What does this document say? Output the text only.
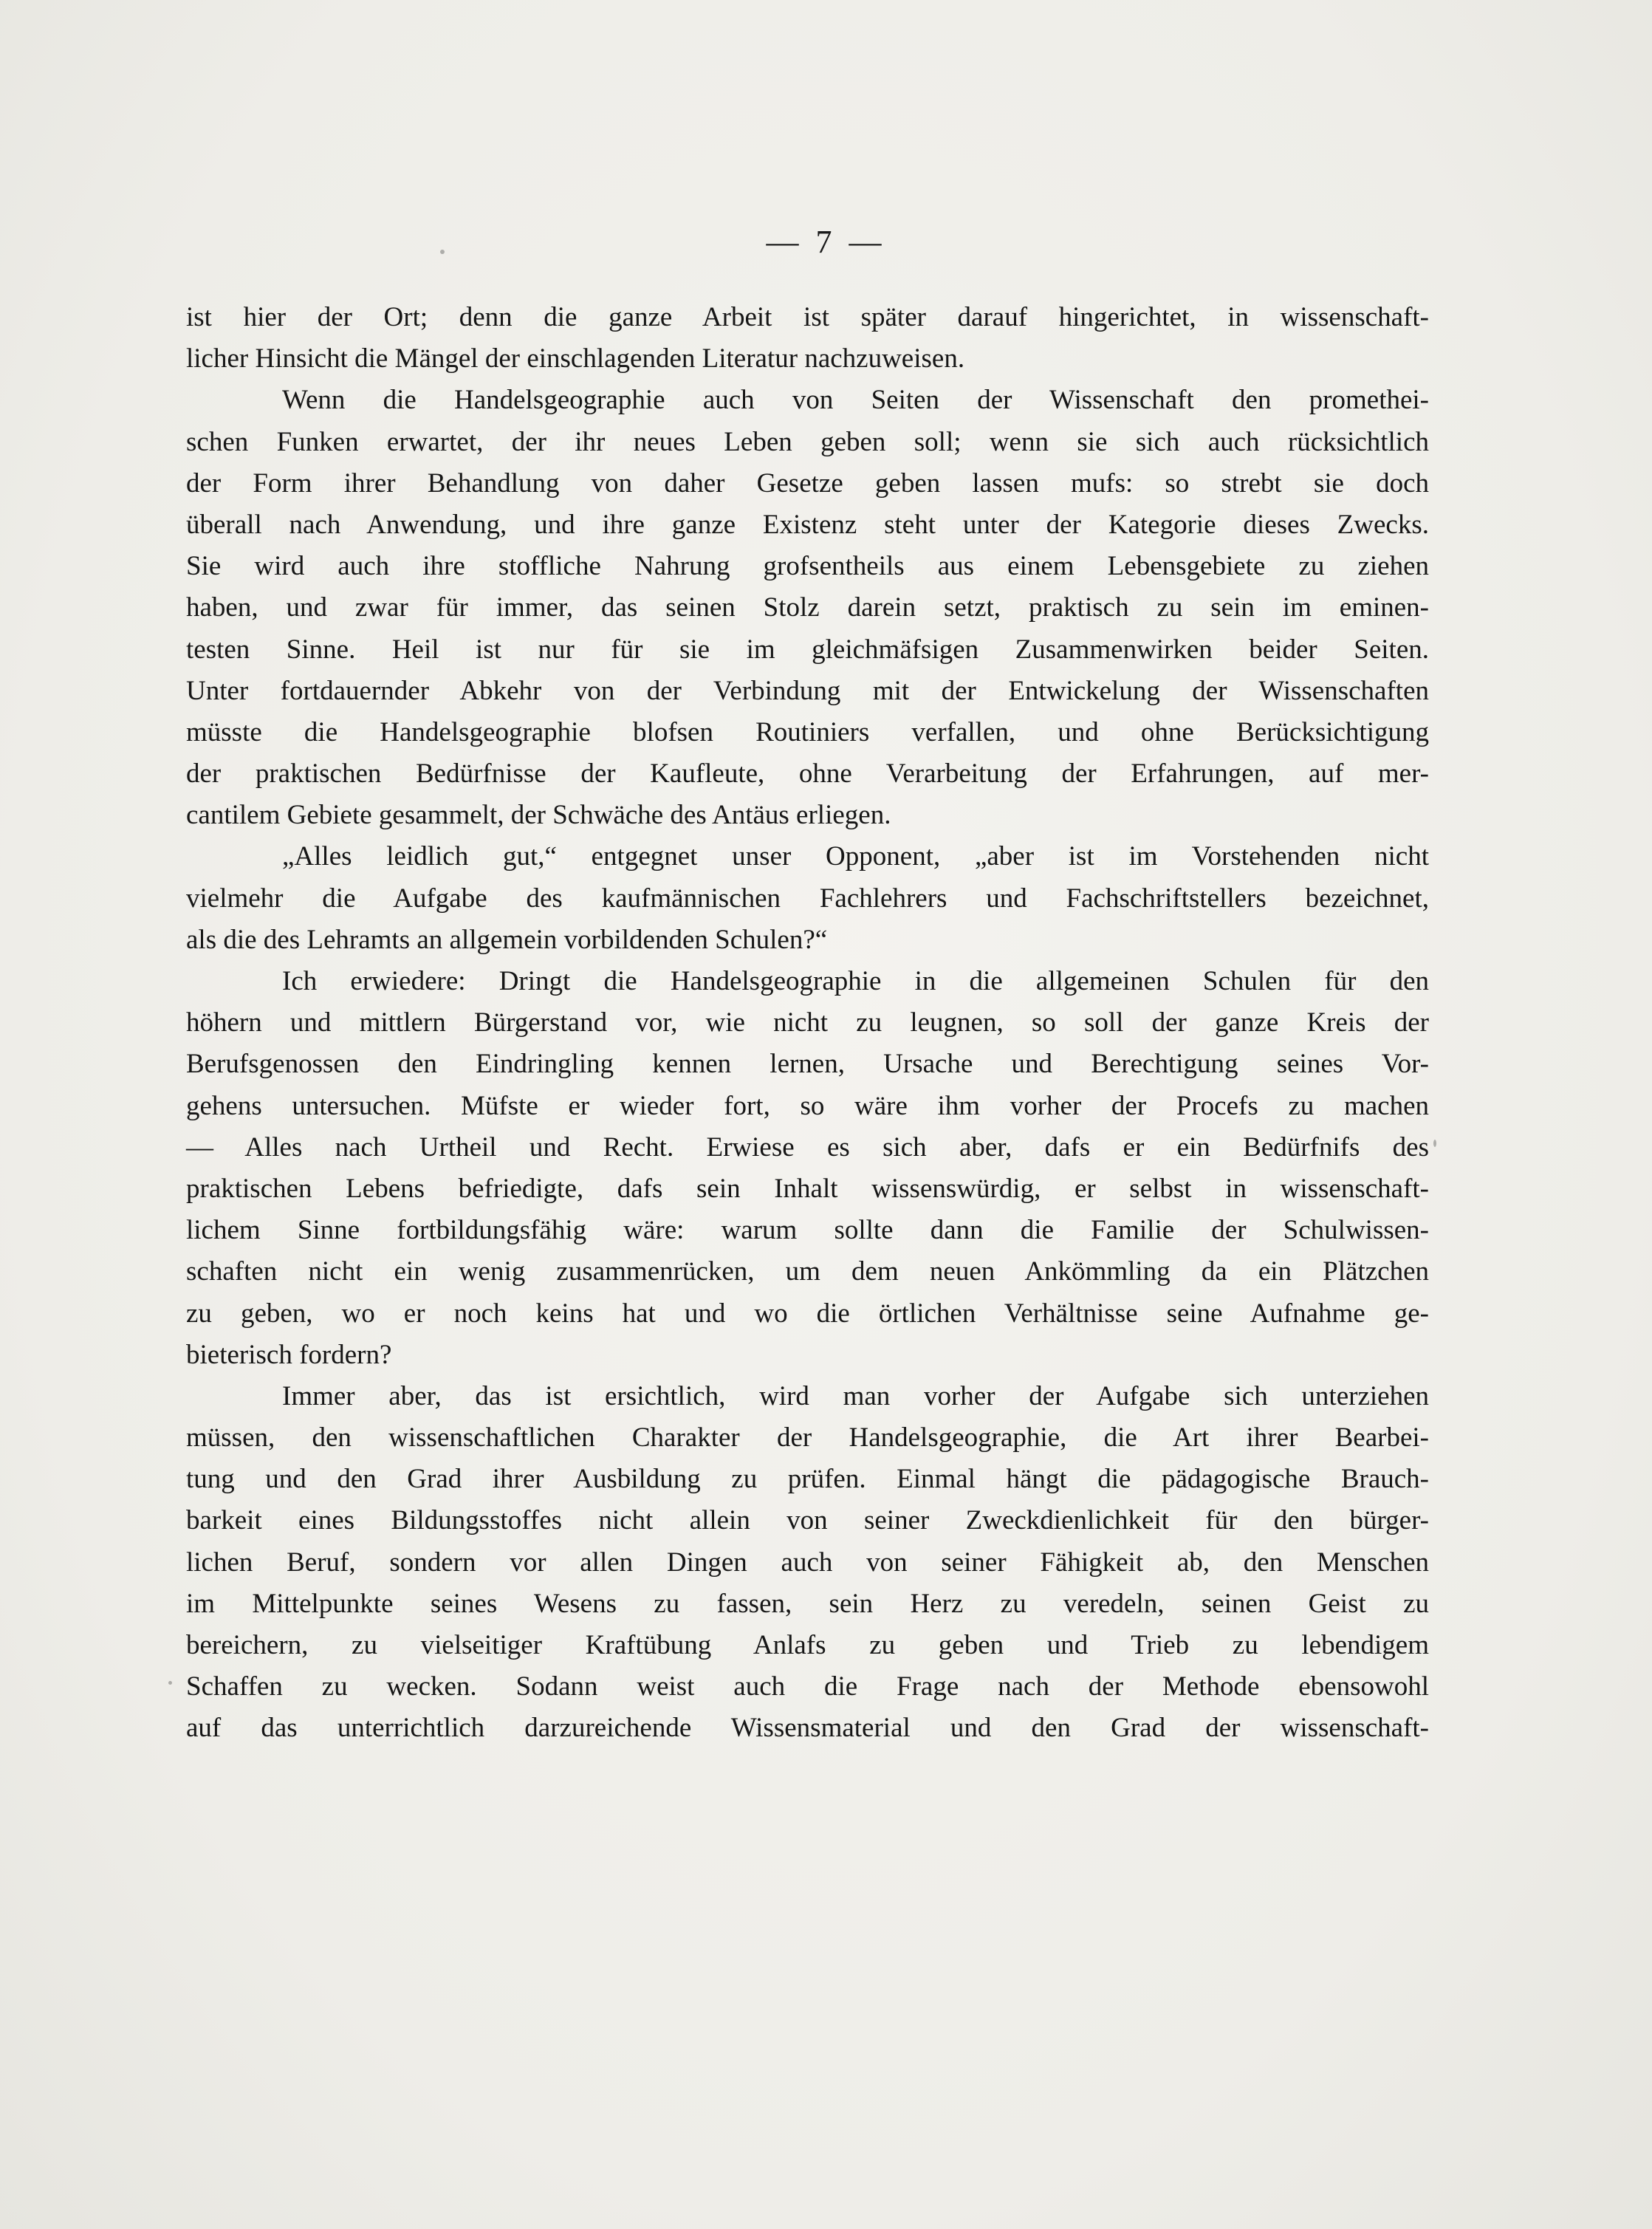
— 7 —
ist hier der Ort; denn die ganze Arbeit ist später darauf hingerichtet, in wissenschaft-
licher Hinsicht die Mängel der einschlagenden Literatur nachzuweisen.
Wenn die Handelsgeographie auch von Seiten der Wissenschaft den promethei-
schen Funken erwartet, der ihr neues Leben geben soll; wenn sie sich auch rücksichtlich
der Form ihrer Behandlung von daher Gesetze geben lassen mufs: so strebt sie doch
überall nach Anwendung, und ihre ganze Existenz steht unter der Kategorie dieses Zwecks.
Sie wird auch ihre stoffliche Nahrung grofsentheils aus einem Lebensgebiete zu ziehen
haben, und zwar für immer, das seinen Stolz darein setzt, praktisch zu sein im eminen-
testen Sinne. Heil ist nur für sie im gleichmäfsigen Zusammenwirken beider Seiten.
Unter fortdauernder Abkehr von der Verbindung mit der Entwickelung der Wissenschaften
müsste die Handelsgeographie blofsen Routiniers verfallen, und ohne Berücksichtigung
der praktischen Bedürfnisse der Kaufleute, ohne Verarbeitung der Erfahrungen, auf mer-
cantilem Gebiete gesammelt, der Schwäche des Antäus erliegen.
„Alles leidlich gut,“ entgegnet unser Opponent, „aber ist im Vorstehenden nicht
vielmehr die Aufgabe des kaufmännischen Fachlehrers und Fachschriftstellers bezeichnet,
als die des Lehramts an allgemein vorbildenden Schulen?“
Ich erwiedere: Dringt die Handelsgeographie in die allgemeinen Schulen für den
höhern und mittlern Bürgerstand vor, wie nicht zu leugnen, so soll der ganze Kreis der
Berufsgenossen den Eindringling kennen lernen, Ursache und Berechtigung seines Vor-
gehens untersuchen. Müfste er wieder fort, so wäre ihm vorher der Procefs zu machen
— Alles nach Urtheil und Recht. Erwiese es sich aber, dafs er ein Bedürfnifs des
praktischen Lebens befriedigte, dafs sein Inhalt wissenswürdig, er selbst in wissenschaft-
lichem Sinne fortbildungsfähig wäre: warum sollte dann die Familie der Schulwissen-
schaften nicht ein wenig zusammenrücken, um dem neuen Ankömmling da ein Plätzchen
zu geben, wo er noch keins hat und wo die örtlichen Verhältnisse seine Aufnahme ge-
bieterisch fordern?
Immer aber, das ist ersichtlich, wird man vorher der Aufgabe sich unterziehen
müssen, den wissenschaftlichen Charakter der Handelsgeographie, die Art ihrer Bearbei-
tung und den Grad ihrer Ausbildung zu prüfen. Einmal hängt die pädagogische Brauch-
barkeit eines Bildungsstoffes nicht allein von seiner Zweckdienlichkeit für den bürger-
lichen Beruf, sondern vor allen Dingen auch von seiner Fähigkeit ab, den Menschen
im Mittelpunkte seines Wesens zu fassen, sein Herz zu veredeln, seinen Geist zu
bereichern, zu vielseitiger Kraftübung Anlafs zu geben und Trieb zu lebendigem
Schaffen zu wecken. Sodann weist auch die Frage nach der Methode ebensowohl
auf das unterrichtlich darzureichende Wissensmaterial und den Grad der wissenschaft-
